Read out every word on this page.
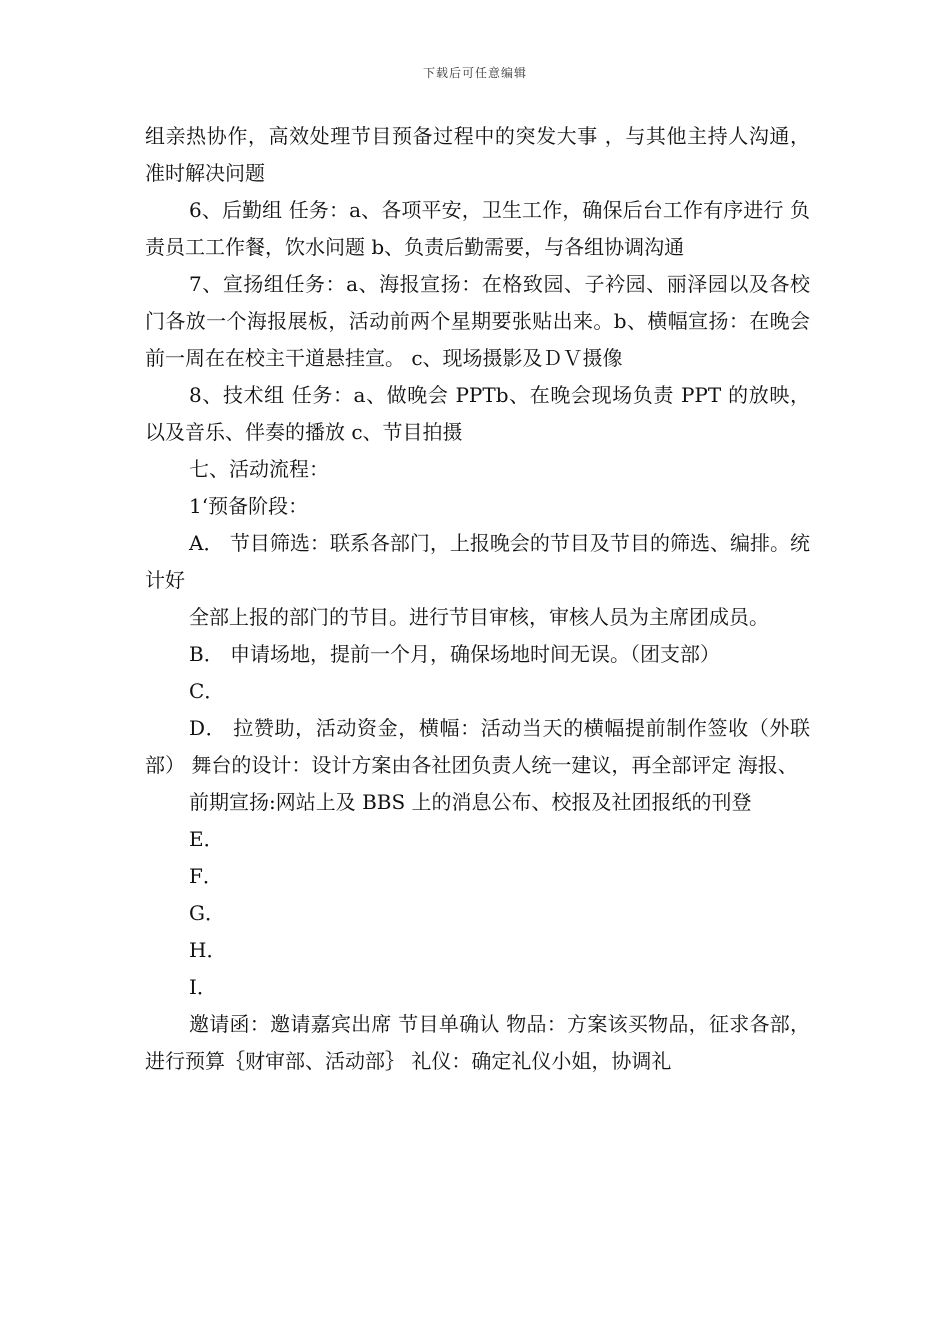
下载后可任意编辑

组亲热协作，高效处理节目预备过程中的突发大事 ，与其他主持人沟通，准时解决问题

6、后勤组 任务：a、各项平安，卫生工作，确保后台工作有序进行 负责员工工作餐，饮水问题 b、负责后勤需要，与各组协调沟通

7、宣扬组任务：a、海报宣扬：在格致园、子衿园、丽泽园以及各校门各放一个海报展板，活动前两个星期要张贴出来。b、横幅宣扬：在晚会前一周在在校主干道悬挂宣。 c、现场摄影及ＤＶ摄像

8、技术组 任务：a、做晚会 PPTb、在晚会现场负责 PPT 的放映，以及音乐、伴奏的播放 c、节目拍摄

七、活动流程：

1‘预备阶段：

A． 节目筛选：联系各部门，上报晚会的节目及节目的筛选、编排。统计好

全部上报的部门的节目。进行节目审核，审核人员为主席团成员。

B． 申请场地，提前一个月，确保场地时间无误。（团支部）

C．

D． 拉赞助，活动资金，横幅：活动当天的横幅提前制作签收（外联部） 舞台的设计：设计方案由各社团负责人统一建议，再全部评定 海报、

前期宣扬:网站上及 BBS 上的消息公布、校报及社团报纸的刊登

E．

F．

G．

H．

I．

邀请函：邀请嘉宾出席 节目单确认 物品：方案该买物品，征求各部，进行预算｛财审部、活动部｝ 礼仪：确定礼仪小姐，协调礼
